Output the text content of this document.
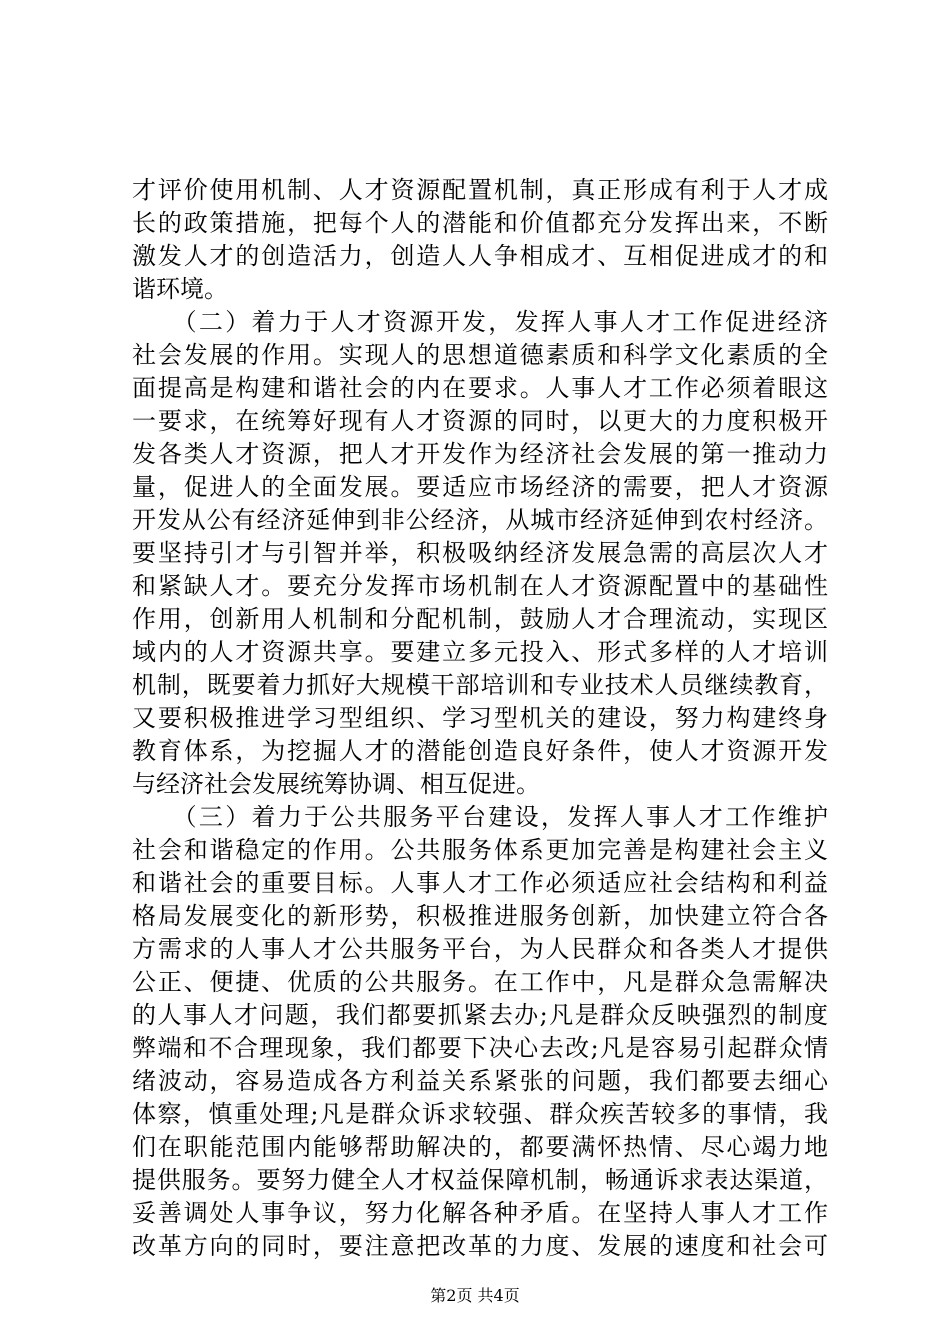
才评价使用机制、人才资源配置机制，真正形成有利于人才成
长的政策措施，把每个人的潜能和价值都充分发挥出来，不断
激发人才的创造活力，创造人人争相成才、互相促进成才的和
谐环境。
　　（二）着力于人才资源开发，发挥人事人才工作促进经济
社会发展的作用。实现人的思想道德素质和科学文化素质的全
面提高是构建和谐社会的内在要求。人事人才工作必须着眼这
一要求，在统筹好现有人才资源的同时，以更大的力度积极开
发各类人才资源，把人才开发作为经济社会发展的第一推动力
量，促进人的全面发展。要适应市场经济的需要，把人才资源
开发从公有经济延伸到非公经济，从城市经济延伸到农村经济。
要坚持引才与引智并举，积极吸纳经济发展急需的高层次人才
和紧缺人才。要充分发挥市场机制在人才资源配置中的基础性
作用，创新用人机制和分配机制，鼓励人才合理流动，实现区
域内的人才资源共享。要建立多元投入、形式多样的人才培训
机制，既要着力抓好大规模干部培训和专业技术人员继续教育，
又要积极推进学习型组织、学习型机关的建设，努力构建终身
教育体系，为挖掘人才的潜能创造良好条件，使人才资源开发
与经济社会发展统筹协调、相互促进。
　　（三）着力于公共服务平台建设，发挥人事人才工作维护
社会和谐稳定的作用。公共服务体系更加完善是构建社会主义
和谐社会的重要目标。人事人才工作必须适应社会结构和利益
格局发展变化的新形势，积极推进服务创新，加快建立符合各
方需求的人事人才公共服务平台，为人民群众和各类人才提供
公正、便捷、优质的公共服务。在工作中，凡是群众急需解决
的人事人才问题，我们都要抓紧去办;凡是群众反映强烈的制度
弊端和不合理现象，我们都要下决心去改;凡是容易引起群众情
绪波动，容易造成各方利益关系紧张的问题，我们都要去细心
体察，慎重处理;凡是群众诉求较强、群众疾苦较多的事情，我
们在职能范围内能够帮助解决的，都要满怀热情、尽心竭力地
提供服务。要努力健全人才权益保障机制，畅通诉求表达渠道，
妥善调处人事争议，努力化解各种矛盾。在坚持人事人才工作
改革方向的同时，要注意把改革的力度、发展的速度和社会可
第2页 共4页
